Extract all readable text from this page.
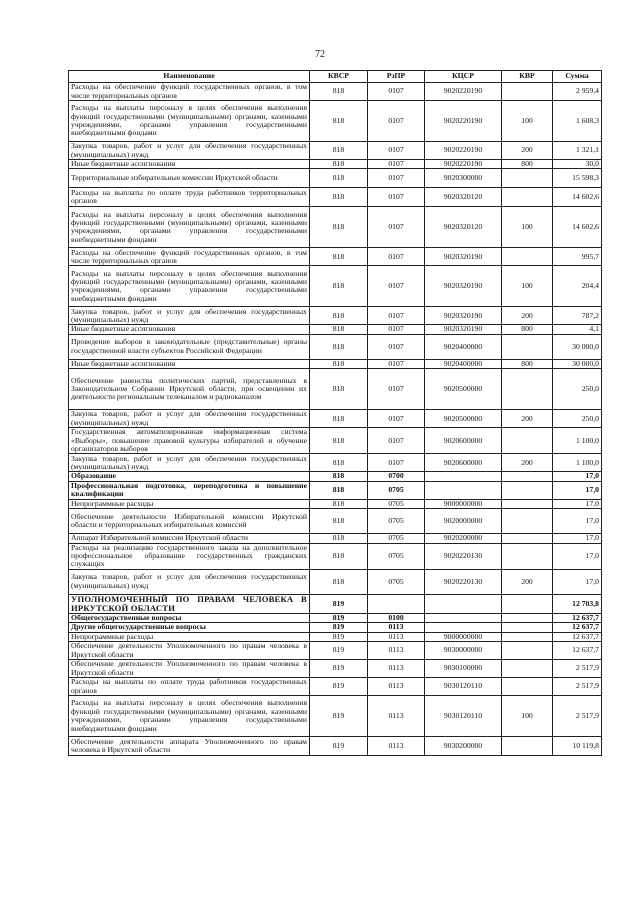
72
Наименование	КВСР	РзПР	КЦСР	КВР	Сумма
Расходы на обеспечение функций государственных органов, в том числе территориальных органов	818	0107	9020220190		2 959,4
Расходы на выплаты персоналу в целях обеспечения выполнения функций государственными (муниципальными) органами, казенными учреждениями, органами управления государственными внебюджетными фондами	818	0107	9020220190	100	1 608,3
Закупка товаров, работ и услуг для обеспечения государственных (муниципальных) нужд	818	0107	9020220190	200	1 321,1
Иные бюджетные ассигнования	818	0107	9020220190	800	30,0
Территориальные избирательные комиссии Иркутской области	818	0107	9020300000		15 598,3
Расходы на выплаты по оплате труда работников территориальных органов	818	0107	9020320120		14 602,6
Расходы на выплаты персоналу в целях обеспечения выполнения функций государственными (муниципальными) органами, казенными учреждениями, органами управления государственными внебюджетными фондами	818	0107	9020320120	100	14 602,6
Расходы на обеспечение функций государственных органов, в том числе территориальных органов	818	0107	9020320190		995,7
Расходы на выплаты персоналу в целях обеспечения выполнения функций государственными (муниципальными) органами, казенными учреждениями, органами управления государственными внебюджетными фондами	818	0107	9020320190	100	204,4
Закупка товаров, работ и услуг для обеспечения государственных (муниципальных) нужд	818	0107	9020320190	200	787,2
Иные бюджетные ассигнования	818	0107	9020320190	800	4,1
Проведение выборов в законодательные (представительные) органы государственной власти субъектов Российской Федерации	818	0107	9020400000		30 000,0
Иные бюджетные ассигнования	818	0107	9020400000	800	30 000,0
Обеспечение равенства политических партий, представленных в Законодательном Собрании Иркутской области, при освещении их деятельности региональным телеканалом и радиоканалом	818	0107	9020500000		250,0
Закупка товаров, работ и услуг для обеспечения государственных (муниципальных) нужд	818	0107	9020500000	200	250,0
Государственная автоматизированная информационная система «Выборы», повышение правовой культуры избирателей и обучение организаторов выборов	818	0107	9020600000		1 100,0
Закупка товаров, работ и услуг для обеспечения государственных (муниципальных) нужд	818	0107	9020600000	200	1 100,0
Образование	818	0700			17,0
Профессиональная подготовка, переподготовка и повышение квалификации	818	0705			17,0
Непрограммные расходы	818	0705	9000000000		17,0
Обеспечение деятельности Избирательной комиссии Иркутской области и территориальных избирательных комиссий	818	0705	9020000000		17,0
Аппарат Избирательной комиссии Иркутской области	818	0705	9020200000		17,0
Расходы на реализацию государственного заказа на дополнительное профессиональное образование государственных гражданских служащих	818	0705	9020220130		17,0
Закупка товаров, работ и услуг для обеспечения государственных (муниципальных) нужд	818	0705	9020220130	200	17,0
УПОЛНОМОЧЕННЫЙ ПО ПРАВАМ ЧЕЛОВЕКА В ИРКУТСКОЙ ОБЛАСТИ	819				12 703,8
Общегосударственные вопросы	819	0100			12 637,7
Другие общегосударственные вопросы	819	0113			12 637,7
Непрограммные расходы	819	0113	9000000000		12 637,7
Обеспечение деятельности Уполномоченного по правам человека в Иркутской области	819	0113	9030000000		12 637,7
Обеспечение деятельности Уполномоченного по правам человека в Иркутской области	819	0113	9030100000		2 517,9
Расходы на выплаты по оплате труда работников государственных органов	819	0113	9030120110		2 517,9
Расходы на выплаты персоналу в целях обеспечения выполнения функций государственными (муниципальными) органами, казенными учреждениями, органами управления государственными внебюджетными фондами	819	0113	9030120110	100	2 517,9
Обеспечение деятельности аппарата Уполномоченного по правам человека в Иркутской области	819	0113	9030200000		10 119,8
